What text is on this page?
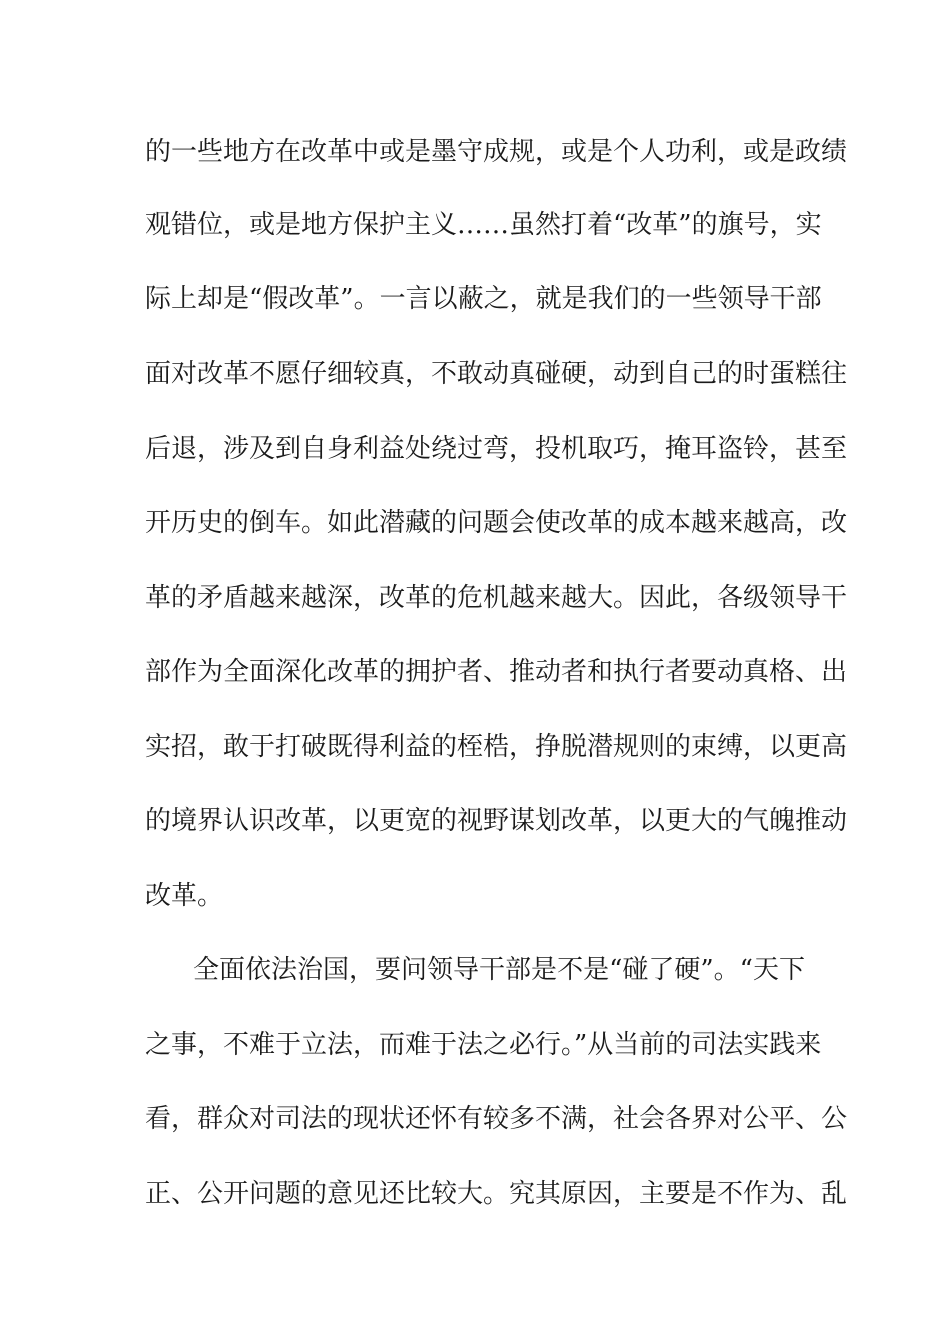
的一些地方在改革中或是墨守成规，或是个人功利，或是政绩
观错位，或是地方保护主义……虽然打着“改革”的旗号，实
际上却是“假改革”。一言以蔽之，就是我们的一些领导干部
面对改革不愿仔细较真，不敢动真碰硬，动到自己的时蛋糕往
后退，涉及到自身利益处绕过弯，投机取巧，掩耳盗铃，甚至
开历史的倒车。如此潜藏的问题会使改革的成本越来越高，改
革的矛盾越来越深，改革的危机越来越大。因此，各级领导干
部作为全面深化改革的拥护者、推动者和执行者要动真格、出
实招，敢于打破既得利益的桎梏，挣脱潜规则的束缚，以更高
的境界认识改革，以更宽的视野谋划改革，以更大的气魄推动
改革。
全面依法治国，要问领导干部是不是“碰了硬”。“天下
之事，不难于立法，而难于法之必行。”从当前的司法实践来
看，群众对司法的现状还怀有较多不满，社会各界对公平、公
正、公开问题的意见还比较大。究其原因，主要是不作为、乱
